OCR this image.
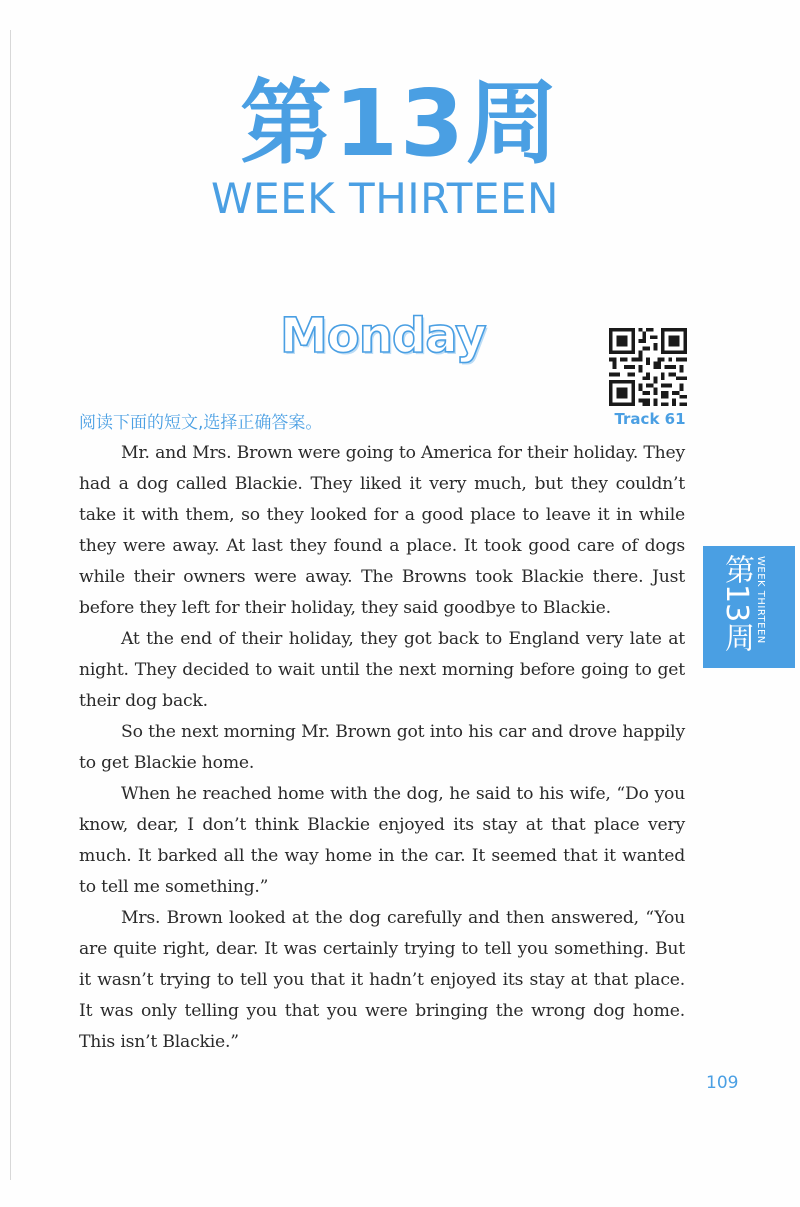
第13周
WEEK THIRTEEN
Monday
Track 61
阅读下面的短文,选择正确答案。

Mr. and Mrs. Brown were going to America for their holiday. They had a dog called Blackie. They liked it very much, but they couldn’t take it with them, so they looked for a good place to leave it in while they were away. At last they found a place. It took good care of dogs while their owners were away. The Browns took Blackie there. Just before they left for their holiday, they said goodbye to Blackie.

At the end of their holiday, they got back to England very late at night. They decided to wait until the next morning before going to get their dog back.

So the next morning Mr. Brown got into his car and drove happily to get Blackie home.

When he reached home with the dog, he said to his wife, “Do you know, dear, I don’t think Blackie enjoyed its stay at that place very much. It barked all the way home in the car. It seemed that it wanted to tell me something.”

Mrs. Brown looked at the dog carefully and then answered, “You are quite right, dear. It was certainly trying to tell you something. But it wasn’t trying to tell you that it hadn’t enjoyed its stay at that place. It was only telling you that you were bringing the wrong dog home. This isn’t Blackie.”

第13周 WEEK THIRTEEN
109
